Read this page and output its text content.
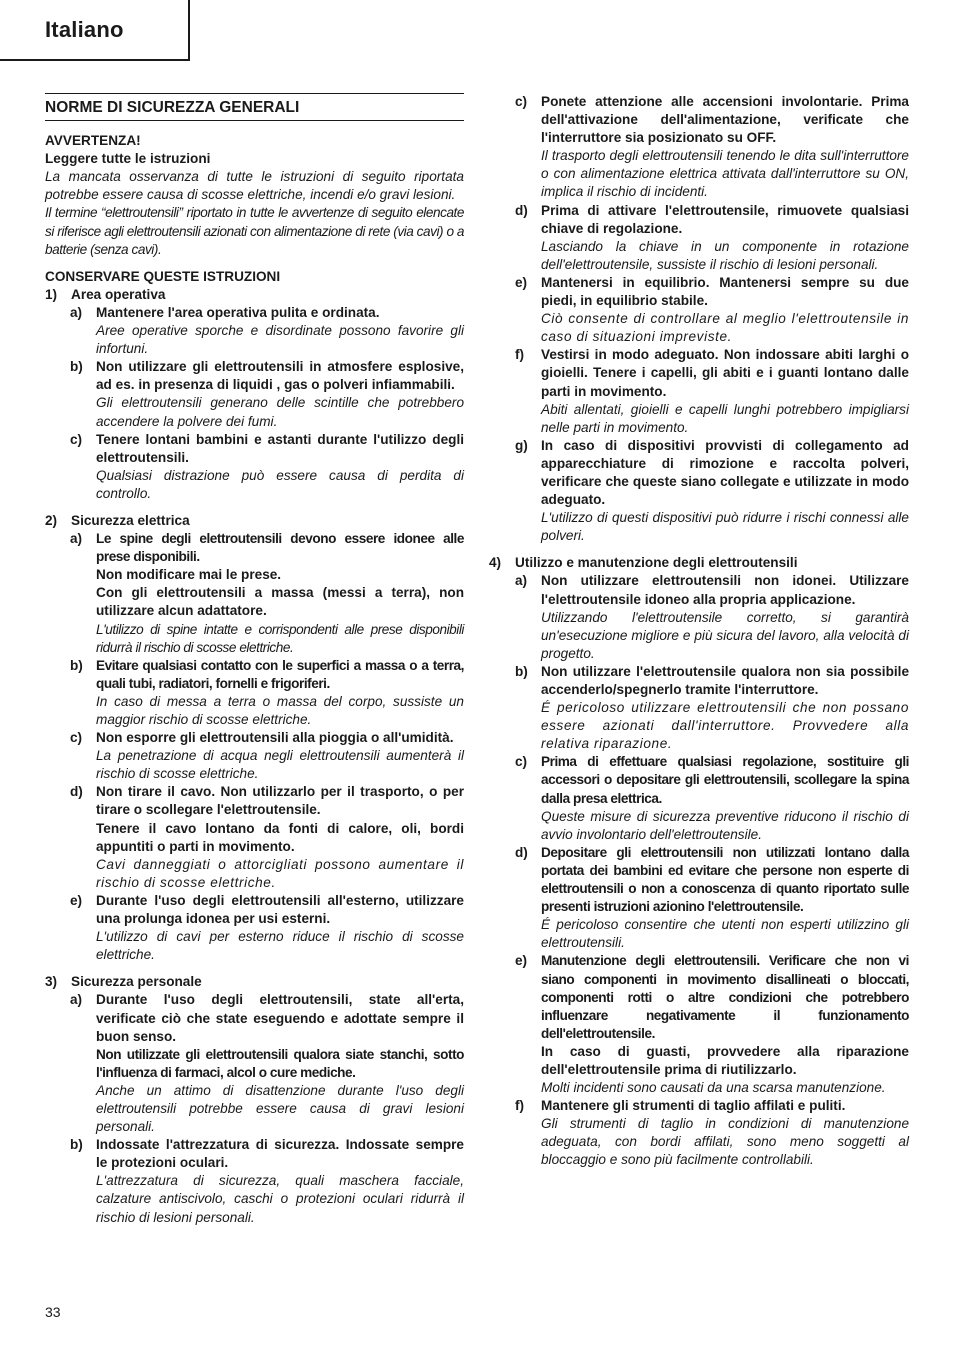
Italiano
NORME DI SICUREZZA GENERALI
AVVERTENZA!
Leggere tutte le istruzioni
La mancata osservanza di tutte le istruzioni di seguito riportata potrebbe essere causa di scosse elettriche, incendi e/o gravi lesioni.
Il termine “elettroutensili” riportato in tutte le avvertenze di seguito elencate si riferisce agli elettroutensili azionati con alimentazione di rete (via cavi) o a batterie (senza cavi).
CONSERVARE QUESTE ISTRUZIONI
1)	Area operativa
a)	Mantenere l'area operativa pulita e ordinata.
Aree operative sporche e disordinate possono favorire gli infortuni.
b) Non utilizzare gli elettroutensili in atmosfere esplosive, ad es. in presenza di liquidi , gas o polveri infiammabili.
Gli elettroutensili generano delle scintille che potrebbero accendere la polvere dei fumi.
c)	Tenere lontani bambini e astanti durante l'utilizzo degli elettroutensili.
Qualsiasi distrazione può essere causa di perdita di controllo.
2)	Sicurezza elettrica
a)	Le spine degli elettroutensili devono essere idonee alle prese disponibili.
Non modificare mai le prese.
Con gli elettroutensili a massa (messi a terra), non utilizzare alcun adattatore.
L'utilizzo di spine intatte e corrispondenti alle prese disponibili ridurrà il rischio di scosse elettriche.
b) Evitare qualsiasi contatto con le superfici a massa o a terra, quali tubi, radiatori, fornelli e frigoriferi.
In caso di messa a terra o massa del corpo, sussiste un maggior rischio di scosse elettriche.
c)	Non esporre gli elettroutensili alla pioggia o all'umidità.
La penetrazione di acqua negli elettroutensili aumenterà il rischio di scosse elettriche.
d) Non tirare il cavo. Non utilizzarlo per il trasporto, o per tirare o scollegare l'elettroutensile.
Tenere il cavo lontano da fonti di calore, oli, bordi appuntiti o parti in movimento.
Cavi danneggiati o attorcigliati possono aumentare il rischio di scosse elettriche.
e)	Durante l'uso degli elettroutensili all'esterno, utilizzare una prolunga idonea per usi esterni.
L'utilizzo di cavi per esterno riduce il rischio di scosse elettriche.
3)	Sicurezza personale
a)	Durante l'uso degli elettroutensili, state all'erta, verificate ciò che state eseguendo e adottate sempre il buon senso.
Non utilizzate gli elettroutensili qualora siate stanchi, sotto l'influenza di farmaci, alcol o cure mediche.
Anche un attimo di disattenzione durante l'uso degli elettroutensili potrebbe essere causa di gravi lesioni personali.
b) Indossate l'attrezzatura di sicurezza. Indossate sempre le protezioni oculari.
L'attrezzatura di sicurezza, quali maschera facciale, calzature antiscivolo, caschi o protezioni oculari ridurrà il rischio di lesioni personali.
c)	Ponete attenzione alle accensioni involontarie. Prima dell'attivazione dell'alimentazione, verificate che l'interruttore sia posizionato su OFF.
Il trasporto degli elettroutensili tenendo le dita sull'interruttore o con alimentazione elettrica attivata dall'interruttore su ON, implica il rischio di incidenti.
d) Prima di attivare l'elettroutensile, rimuovete qualsiasi chiave di regolazione.
Lasciando la chiave in un componente in rotazione dell'elettroutensile, sussiste il rischio di lesioni personali.
e)	Mantenersi in equilibrio. Mantenersi sempre su due piedi, in equilibrio stabile.
Ciò consente di controllare al meglio l'elettroutensile in caso di situazioni impreviste.
f)	Vestirsi in modo adeguato. Non indossare abiti larghi o gioielli. Tenere i capelli, gli abiti e i guanti lontano dalle parti in movimento.
Abiti allentati, gioielli e capelli lunghi potrebbero impigliarsi nelle parti in movimento.
g) In caso di dispositivi provvisti di collegamento ad apparecchiature di rimozione e raccolta polveri, verificare che queste siano collegate e utilizzate in modo adeguato.
L'utilizzo di questi dispositivi può ridurre i rischi connessi alle polveri.
4)	Utilizzo e manutenzione degli elettroutensili
a)	Non utilizzare elettroutensili non idonei. Utilizzare l'elettroutensile idoneo alla propria applicazione.
Utilizzando l'elettroutensile corretto, si garantirà un'esecuzione migliore e più sicura del lavoro, alla velocità di progetto.
b) Non utilizzare l'elettroutensile qualora non sia possibile accenderlo/spegnerlo tramite l'interruttore.
É pericoloso utilizzare elettroutensili che non possano essere azionati dall'interruttore. Provvedere alla relativa riparazione.
c)	Prima di effettuare qualsiasi regolazione, sostituire gli accessori o depositare gli elettroutensili, scollegare la spina dalla presa elettrica.
Queste misure di sicurezza preventive riducono il rischio di avvio involontario dell'elettroutensile.
d) Depositare gli elettroutensili non utilizzati lontano dalla portata dei bambini ed evitare che persone non esperte di elettroutensili o non a conoscenza di quanto riportato sulle presenti istruzioni azionino l'elettroutensile.
É pericoloso consentire che utenti non esperti utilizzino gli elettroutensili.
e)	Manutenzione degli elettroutensili. Verificare che non vi siano componenti in movimento disallineati o bloccati, componenti rotti o altre condizioni che potrebbero influenzare negativamente il funzionamento dell'elettroutensile.
In caso di guasti, provvedere alla riparazione dell'elettroutensile prima di riutilizzarlo.
Molti incidenti sono causati da una scarsa manutenzione.
f)	Mantenere gli strumenti di taglio affilati e puliti.
Gli strumenti di taglio in condizioni di manutenzione adeguata, con bordi affilati, sono meno soggetti al bloccaggio e sono più facilmente controllabili.
33
